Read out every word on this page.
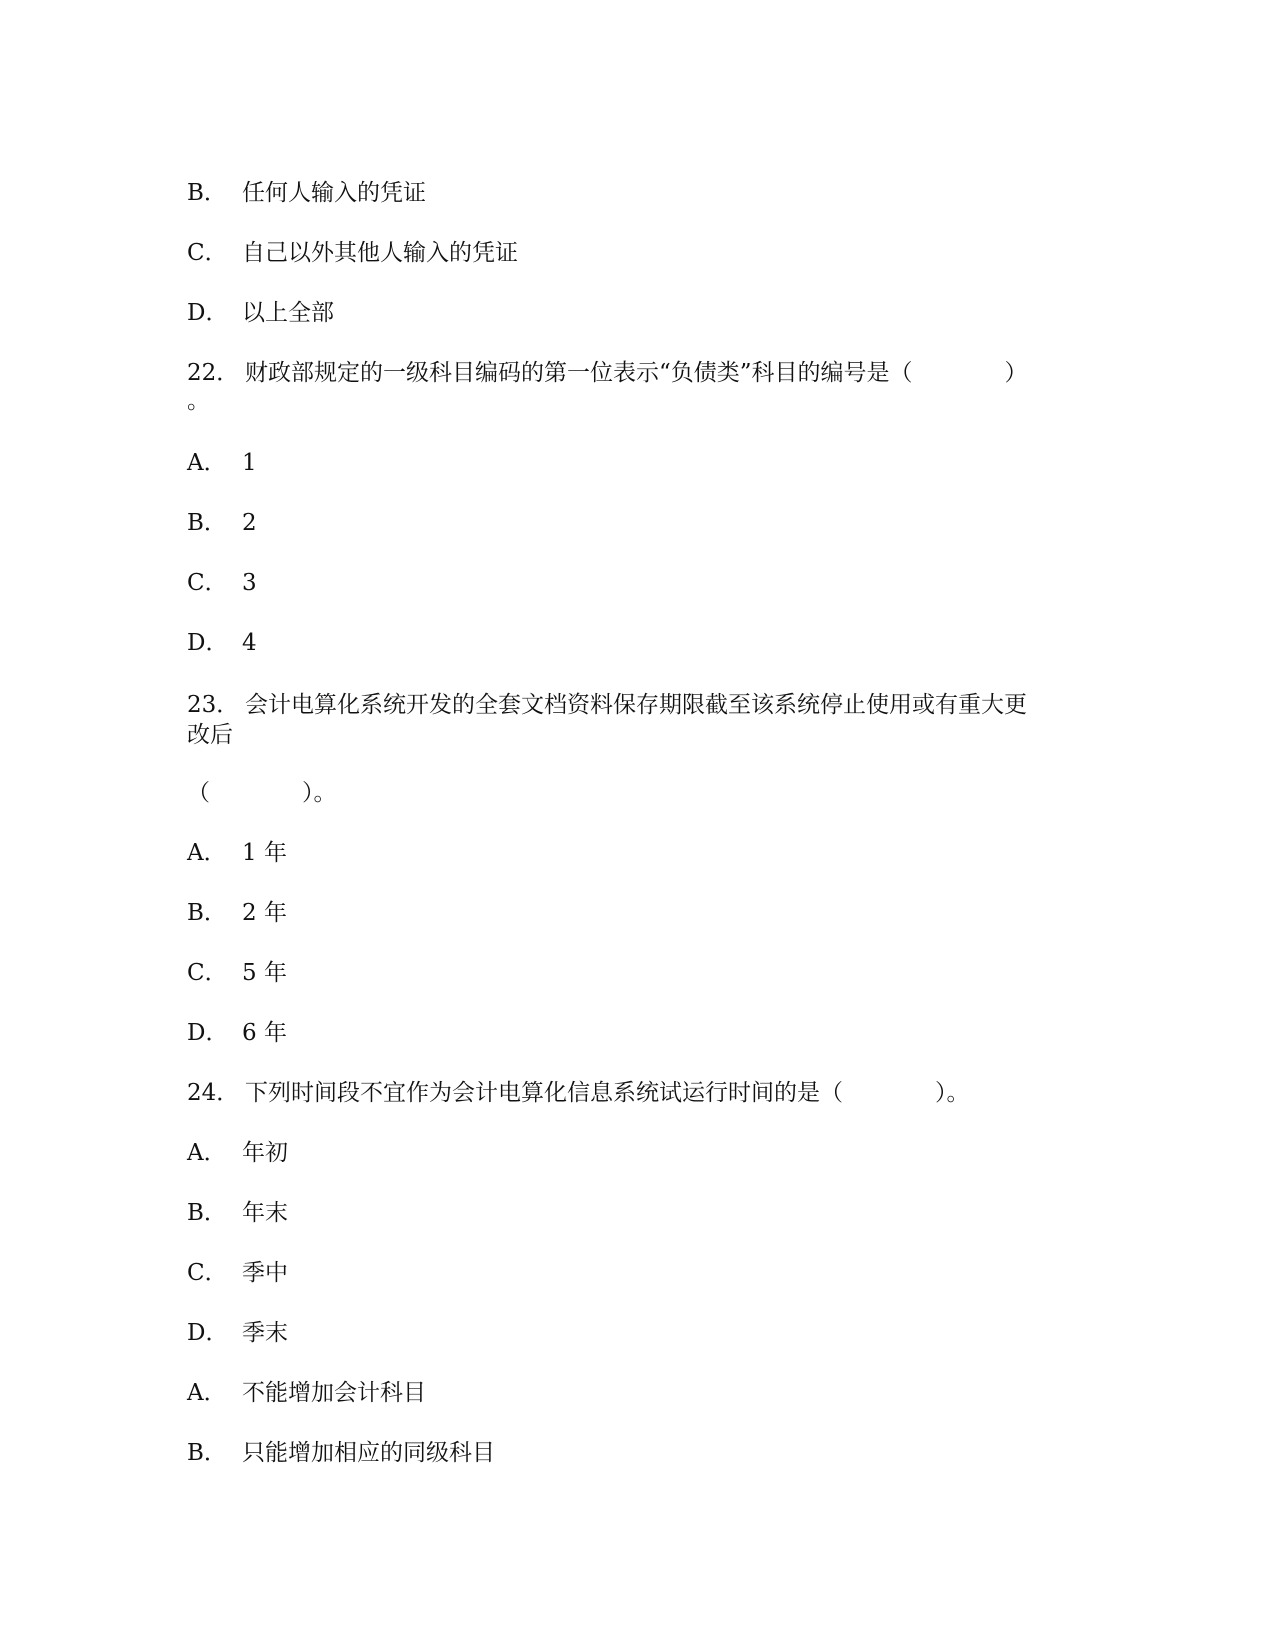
B． 任何人输入的凭证
C． 自己以外其他人输入的凭证
D． 以上全部
22． 财政部规定的一级科目编码的第一位表示“负债类”科目的编号是（　　　　）
。
A． 1
B． 2
C． 3
D． 4
23． 会计电算化系统开发的全套文档资料保存期限截至该系统停止使用或有重大更
改后
（　　　　）。
A． 1 年
B． 2 年
C． 5 年
D． 6 年
24． 下列时间段不宜作为会计电算化信息系统试运行时间的是（　　　　）。
A． 年初
B． 年末
C． 季中
D． 季末
A． 不能增加会计科目
B． 只能增加相应的同级科目
